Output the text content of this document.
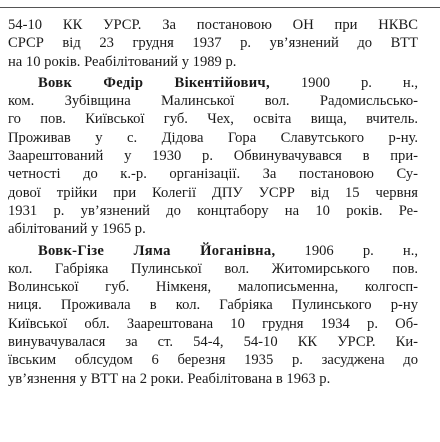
54-10 КК УРСР. За постановою ОН при НКВС
СРСР від 23 грудня 1937 р. ув’язнений до ВТТ
на 10 років. Реабілітований у 1989 р.

Вовк Федір Вікентійович, 1900 р. н.,
ком. Зубівщина Малинської вол. Радомисльсько-
го пов. Київської губ. Чех, освіта вища, вчитель.
Проживав у с. Дідова Гора Славутського р-ну.
Заарештований у 1930 р. Обвинувачувався в при-
четності до к.-р. організації. За постановою Су-
дової трійки при Колегії ДПУ УСРР від 15 червня
1931 р. ув’язнений до концтабору на 10 років. Ре-
абілітований у 1965 р.

Вовк-Гізе Ляма Йоганівна, 1906 р. н.,
кол. Габріяка Пулинської вол. Житомирського пов.
Волинської губ. Німкеня, малописьменна, колгосп-
ниця. Проживала в кол. Габріяка Пулинського р-ну
Київської обл. Заарештована 10 грудня 1934 р. Об-
винувачувалася за ст. 54-4, 54-10 КК УРСР. Ки-
ївським облсудом 6 березня 1935 р. засуджена до
ув’язнення у ВТТ на 2 роки. Реабілітована в 1963 р.
